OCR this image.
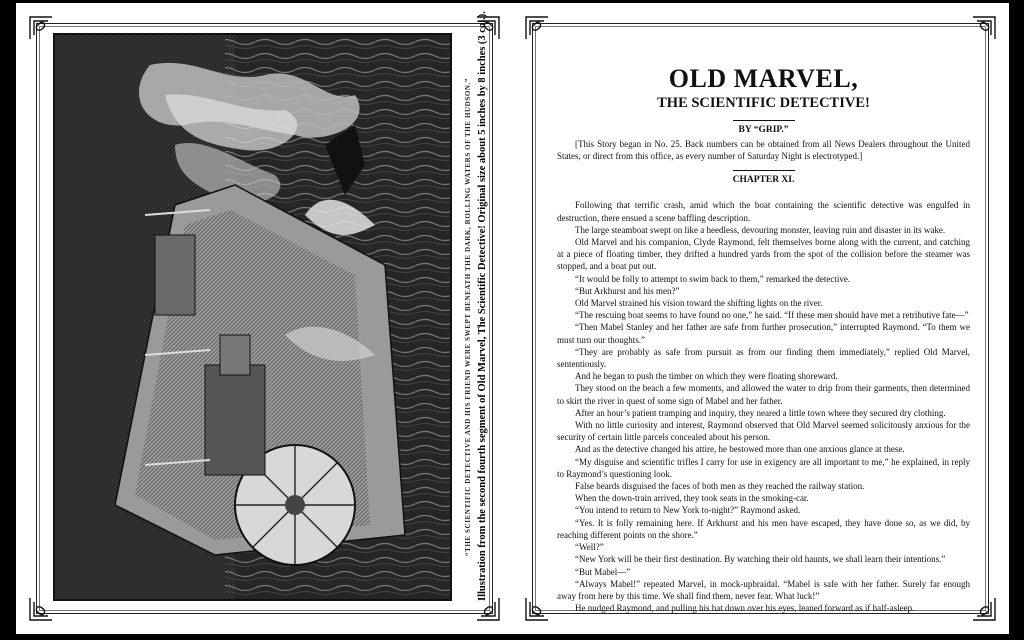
“THE SCIENTIFIC DETECTIVE AND HIS FRIEND WERE SWEPT BENEATH THE DARK, ROLLING WATERS OF THE HUDSON.” Illustration from the second fourth segment of Old Marvel, The Scientific Detective! Original size about 5 inches by 8 inches (3 col.).	OLD MARVEL,
THE SCIENTIFIC DETECTIVE!

BY “GRIP.”

[This Story began in No. 25. Back numbers can be obtained from all News Dealers throughout the United States, or direct from this office, as every number of Saturday Night is electrotyped.]

CHAPTER XI.

Following that terrific crash, amid which the boat containing the scientific detective was engulfed in destruction, there ensued a scene baffling description.

The large steamboat swept on like a heedless, devouring monster, leaving ruin and disaster in its wake.

Old Marvel and his companion, Clyde Raymond, felt themselves borne along with the current, and catching at a piece of floating timber, they drifted a hundred yards from the spot of the collision before the steamer was stopped, and a boat put out.

“It would be folly to attempt to swim back to them,” remarked the detective.

“But Arkhurst and his men?”

Old Marvel strained his vision toward the shifting lights on the river.

“The rescuing boat seems to have found no one,” he said. “If these men should have met a retributive fate—”

“Then Mabel Stanley and her father are safe from further prosecution,” interrupted Raymond. “To them we must turn our thoughts.”

“They are probably as safe from pursuit as from our finding them immediately,” replied Old Marvel, sententiously.

And he began to push the timber on which they were floating shoreward.

They stood on the beach a few moments, and allowed the water to drip from their garments, then determined to skirt the river in quest of some sign of Mabel and her father.

After an hour’s patient tramping and inquiry, they neared a little town where they secured dry clothing.

With no little curiosity and interest, Raymond observed that Old Marvel seemed solicitously anxious for the security of certain little parcels concealed about his person.

And as the detective changed his attire, he bestowed more than one anxious glance at these.

“My disguise and scientific trifles I carry for use in exigency are all important to me,” he explained, in reply to Raymond’s questioning look.

False beards disguised the faces of both men as they reached the railway station.

When the down-train arrived, they took seats in the smoking-car.

“You intend to return to New York to-night?” Raymond asked.

“Yes. It is folly remaining here. If Arkhurst and his men have escaped, they have done so, as we did, by reaching different points on the shore.”

“Well?”

“New York will be their first destination. By watching their old haunts, we shall learn their intentions.”

“But Mabel—”

“Always Mabel!” repeated Marvel, in mock-upbraidal. “Mabel is safe with her father. Surely far enough away from here by this time. We shall find them, never fear. What luck!”

He nudged Raymond, and pulling his hat down over his eyes, leaned forward as if half-asleep.
